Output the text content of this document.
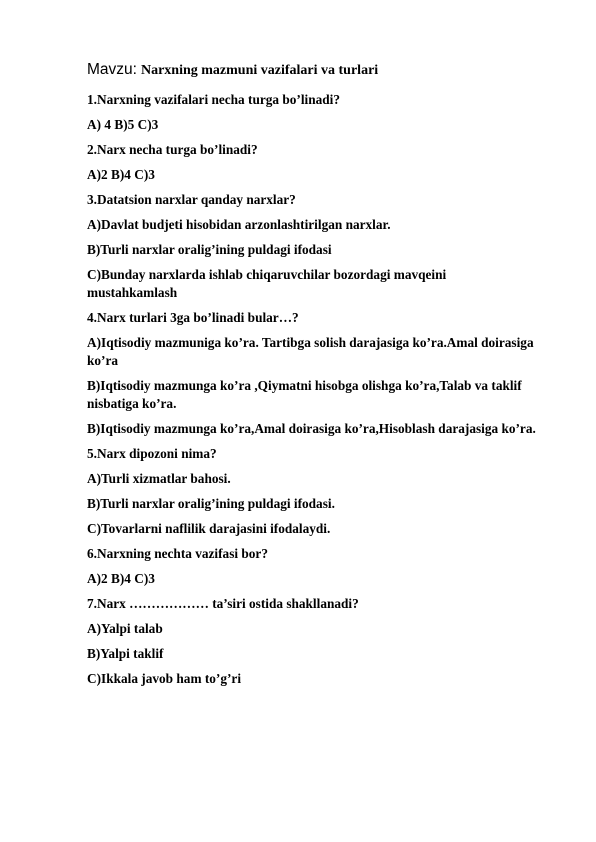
Mavzu: Narxning mazmuni vazifalari va turlari
1.Narxning vazifalari necha turga bo’linadi?
A) 4 B)5 C)3
2.Narx necha turga bo’linadi?
A)2 B)4 C)3
3.Datatsion narxlar qanday narxlar?
A)Davlat budjeti hisobidan arzonlashtirilgan narxlar.
B)Turli narxlar oralig’ining puldagi ifodasi
C)Bunday narxlarda ishlab chiqaruvchilar bozordagi mavqeini mustahkamlash
4.Narx turlari 3ga bo’linadi bular…?
A)Iqtisodiy mazmuniga ko’ra. Tartibga solish darajasiga ko’ra.Amal doirasiga ko’ra
B)Iqtisodiy mazmunga ko’ra ,Qiymatni hisobga olishga ko’ra,Talab va taklif nisbatiga ko’ra.
B)Iqtisodiy mazmunga ko’ra,Amal doirasiga ko’ra,Hisoblash darajasiga ko’ra.
5.Narx dipozoni nima?
A)Turli xizmatlar bahosi.
B)Turli narxlar oralig’ining puldagi ifodasi.
C)Tovarlarni naflilik darajasini ifodalaydi.
6.Narxning nechta vazifasi bor?
A)2 B)4 C)3
7.Narx ……………… ta’siri ostida shakllanadi?
A)Yalpi talab
B)Yalpi taklif
C)Ikkala javob ham to’g’ri
